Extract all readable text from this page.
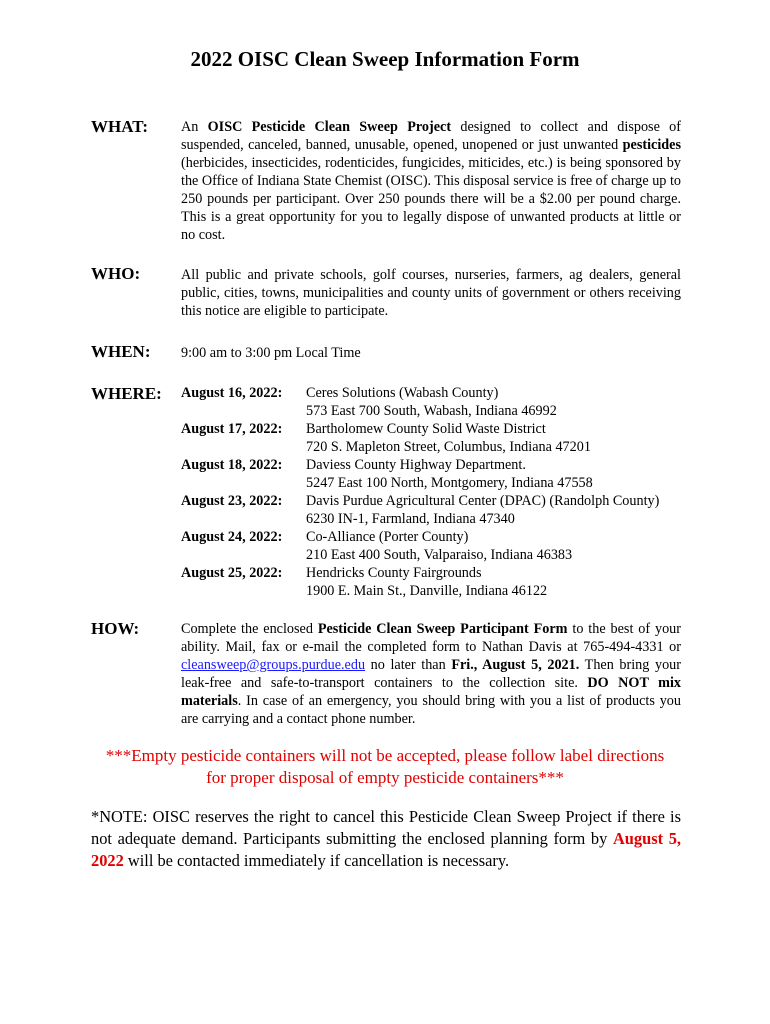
2022 OISC Clean Sweep Information Form
WHAT: An OISC Pesticide Clean Sweep Project designed to collect and dispose of suspended, canceled, banned, unusable, opened, unopened or just unwanted pesticides (herbicides, insecticides, rodenticides, fungicides, miticides, etc.) is being sponsored by the Office of Indiana State Chemist (OISC). This disposal service is free of charge up to 250 pounds per participant. Over 250 pounds there will be a $2.00 per pound charge. This is a great opportunity for you to legally dispose of unwanted products at little or no cost.
WHO:	All public and private schools, golf courses, nurseries, farmers, ag dealers, general public, cities, towns, municipalities and county units of government or others receiving this notice are eligible to participate.
WHEN: 9:00 am to 3:00 pm Local Time
WHERE: August 16, 2022:	Ceres Solutions (Wabash County)
573 East 700 South, Wabash, Indiana 46992
August 17, 2022:	Bartholomew County Solid Waste District
720 S. Mapleton Street, Columbus, Indiana 47201
August 18, 2022:	Daviess County Highway Department.
5247 East 100 North, Montgomery, Indiana 47558
August 23, 2022:	Davis Purdue Agricultural Center (DPAC) (Randolph County)
6230 IN-1, Farmland, Indiana 47340
August 24, 2022:	Co-Alliance (Porter County)
210 East 400 South, Valparaiso, Indiana 46383
August 25, 2022:	Hendricks County Fairgrounds
1900 E. Main St., Danville, Indiana 46122
HOW:	Complete the enclosed Pesticide Clean Sweep Participant Form to the best of your ability. Mail, fax or e-mail the completed form to Nathan Davis at 765-494-4331 or cleansweep@groups.purdue.edu no later than Fri., August 5, 2021. Then bring your leak-free and safe-to-transport containers to the collection site. DO NOT mix materials. In case of an emergency, you should bring with you a list of products you are carrying and a contact phone number.
***Empty pesticide containers will not be accepted, please follow label directions
for proper disposal of empty pesticide containers***
*NOTE: OISC reserves the right to cancel this Pesticide Clean Sweep Project if there is not adequate demand. Participants submitting the enclosed planning form by August 5, 2022 will be contacted immediately if cancellation is necessary.
